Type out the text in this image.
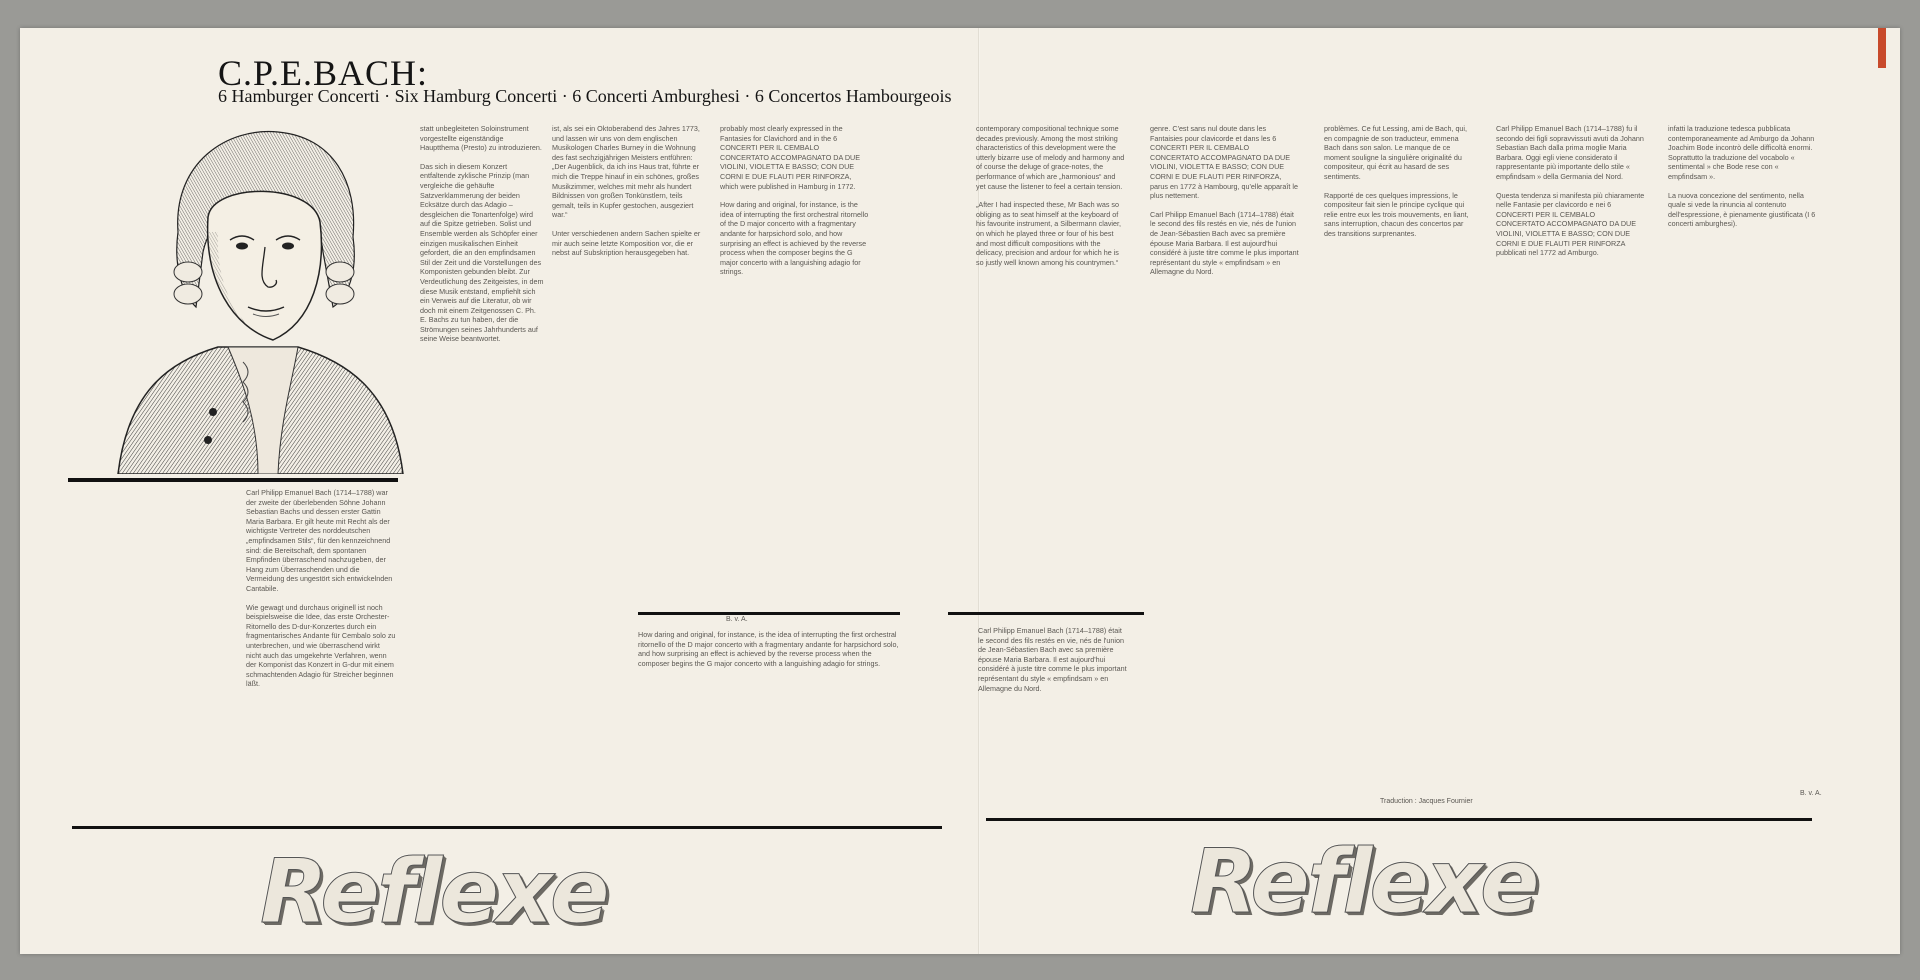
C.P.E.BACH:
6 Hamburger Concerti · Six Hamburg Concerti · 6 Concerti Amburghesi · 6 Concertos Hambourgeois
statt unbegleiteten Soloinstrument vorgestellte eigenständige Hauptthema (Presto) zu introduzieren.
Das sich in diesem Konzert entfaltende zyklische Prinzip (man vergleiche die gehäufte Satzverklammerung der beiden Ecksätze durch das Adagio – desgleichen die Tonartenfolge) wird auf die Spitze getrieben. Solist und Ensemble werden als Schöpfer einer einzigen musikalischen Einheit gefordert, die an den empfindsamen Stil der Zeit und die Vorstellungen des Komponisten gebunden bleibt. Zur Verdeutlichung des Zeitgeistes, in dem diese Musik entstand, empfiehlt sich ein Verweis auf die Literatur, ob wir doch mit einem Zeitgenossen C. Ph. E. Bachs zu tun haben, der die Strömungen seines Jahrhunderts auf seine Weise beantwortet.
Carl Philipp Emanuel Bach (1714–1788) war der zweite der überlebenden Söhne Johann Sebastian Bachs und dessen erster Gattin Maria Barbara. Er gilt heute mit Recht als der wichtigste Vertreter des norddeutschen „empfindsamen Stils“, für den kennzeichnend sind: die Bereitschaft, dem spontanen Empfinden überraschend nachzugeben, der Hang zum Überraschenden und die Vermeidung des ungestört sich entwickelnden Cantabile.
Wie gewagt und durchaus originell ist noch beispielsweise die Idee, das erste Orchester-Ritornello des D-dur-Konzertes durch ein fragmentarisches Andante für Cembalo solo zu unterbrechen, und wie überraschend wirkt nicht auch das umgekehrte Verfahren, wenn der Komponist das Konzert in G-dur mit einem schmachtenden Adagio für Streicher beginnen läßt.
ist, als sei ein Oktoberabend des Jahres 1773, und lassen wir uns von dem englischen Musikologen Charles Burney in die Wohnung des fast sechzigjährigen Meisters entführen: „Der Augenblick, da ich ins Haus trat, führte er mich die Treppe hinauf in ein schönes, großes Musikzimmer, welches mit mehr als hundert Bildnissen von großen Tonkünstlern, teils gemalt, teils in Kupfer gestochen, ausgeziert war.“
Unter verschiedenen andern Sachen spielte er mir auch seine letzte Komposition vor, die er nebst auf Subskription herausgegeben hat.
B. v. A.
probably most clearly expressed in the Fantasies for Clavichord and in the 6 CONCERTI PER IL CEMBALO CONCERTATO ACCOMPAGNATO DA DUE VIOLINI, VIOLETTA E BASSO; CON DUE CORNI E DUE FLAUTI PER RINFORZA, which were published in Hamburg in 1772.
How daring and original, for instance, is the idea of interrupting the first orchestral ritornello of the D major concerto with a fragmentary andante for harpsichord solo, and how surprising an effect is achieved by the reverse process when the composer begins the G major concerto with a languishing adagio for strings.
How daring and original, for instance, is the idea of interrupting the first orchestral ritornello of the D major concerto with a fragmentary andante for harpsichord solo, and how surprising an effect is achieved by the reverse process when the composer begins the G major concerto with a languishing adagio for strings.
contemporary compositional technique some decades previously. Among the most striking characteristics of this development were the utterly bizarre use of melody and harmony and of course the deluge of grace-notes, the performance of which are „harmonious“ and yet cause the listener to feel a certain tension.
„After I had inspected these, Mr Bach was so obliging as to seat himself at the keyboard of his favourite instrument, a Silbermann clavier, on which he played three or four of his best and most difficult compositions with the delicacy, precision and ardour for which he is so justly well known among his countrymen.“
Carl Philipp Emanuel Bach (1714–1788) était le second des fils restés en vie, nés de l'union de Jean-Sébastien Bach avec sa première épouse Maria Barbara. Il est aujourd'hui considéré à juste titre comme le plus important représentant du style « empfindsam » en Allemagne du Nord.
genre. C'est sans nul doute dans les Fantaisies pour clavicorde et dans les 6 CONCERTI PER IL CEMBALO CONCERTATO ACCOMPAGNATO DA DUE VIOLINI, VIOLETTA E BASSO; CON DUE CORNI E DUE FLAUTI PER RINFORZA, parus en 1772 à Hambourg, qu'elle apparaît le plus nettement.
Carl Philipp Emanuel Bach (1714–1788) était le second des fils restés en vie, nés de l'union de Jean-Sébastien Bach avec sa première épouse Maria Barbara. Il est aujourd'hui considéré à juste titre comme le plus important représentant du style « empfindsam » en Allemagne du Nord.
problèmes. Ce fut Lessing, ami de Bach, qui, en compagnie de son traducteur, emmena Bach dans son salon. Le manque de ce moment souligne la singulière originalité du compositeur, qui écrit au hasard de ses sentiments.
Rapporté de ces quelques impressions, le compositeur fait sien le principe cyclique qui relie entre eux les trois mouvements, en liant, sans interruption, chacun des concertos par des transitions surprenantes.
Traduction : Jacques Fournier
Carl Philipp Emanuel Bach (1714–1788) fu il secondo dei figli sopravvissuti avuti da Johann Sebastian Bach dalla prima moglie Maria Barbara. Oggi egli viene considerato il rappresentante più importante dello stile « empfindsam » della Germania del Nord.
Questa tendenza si manifesta più chiaramente nelle Fantasie per clavicordo e nei 6 CONCERTI PER IL CEMBALO CONCERTATO ACCOMPAGNATO DA DUE VIOLINI, VIOLETTA E BASSO; CON DUE CORNI E DUE FLAUTI PER RINFORZA pubblicati nel 1772 ad Amburgo.
infatti la traduzione tedesca pubblicata contemporaneamente ad Amburgo da Johann Joachim Bode incontrò delle difficoltà enormi. Soprattutto la traduzione del vocabolo « sentimental » che Bode rese con « empfindsam ».
La nuova concezione del sentimento, nella quale si vede la rinuncia al contenuto dell'espressione, è pienamente giustificata (I 6 concerti amburghesi).
B. v. A.
Reflexe	Reflexe
